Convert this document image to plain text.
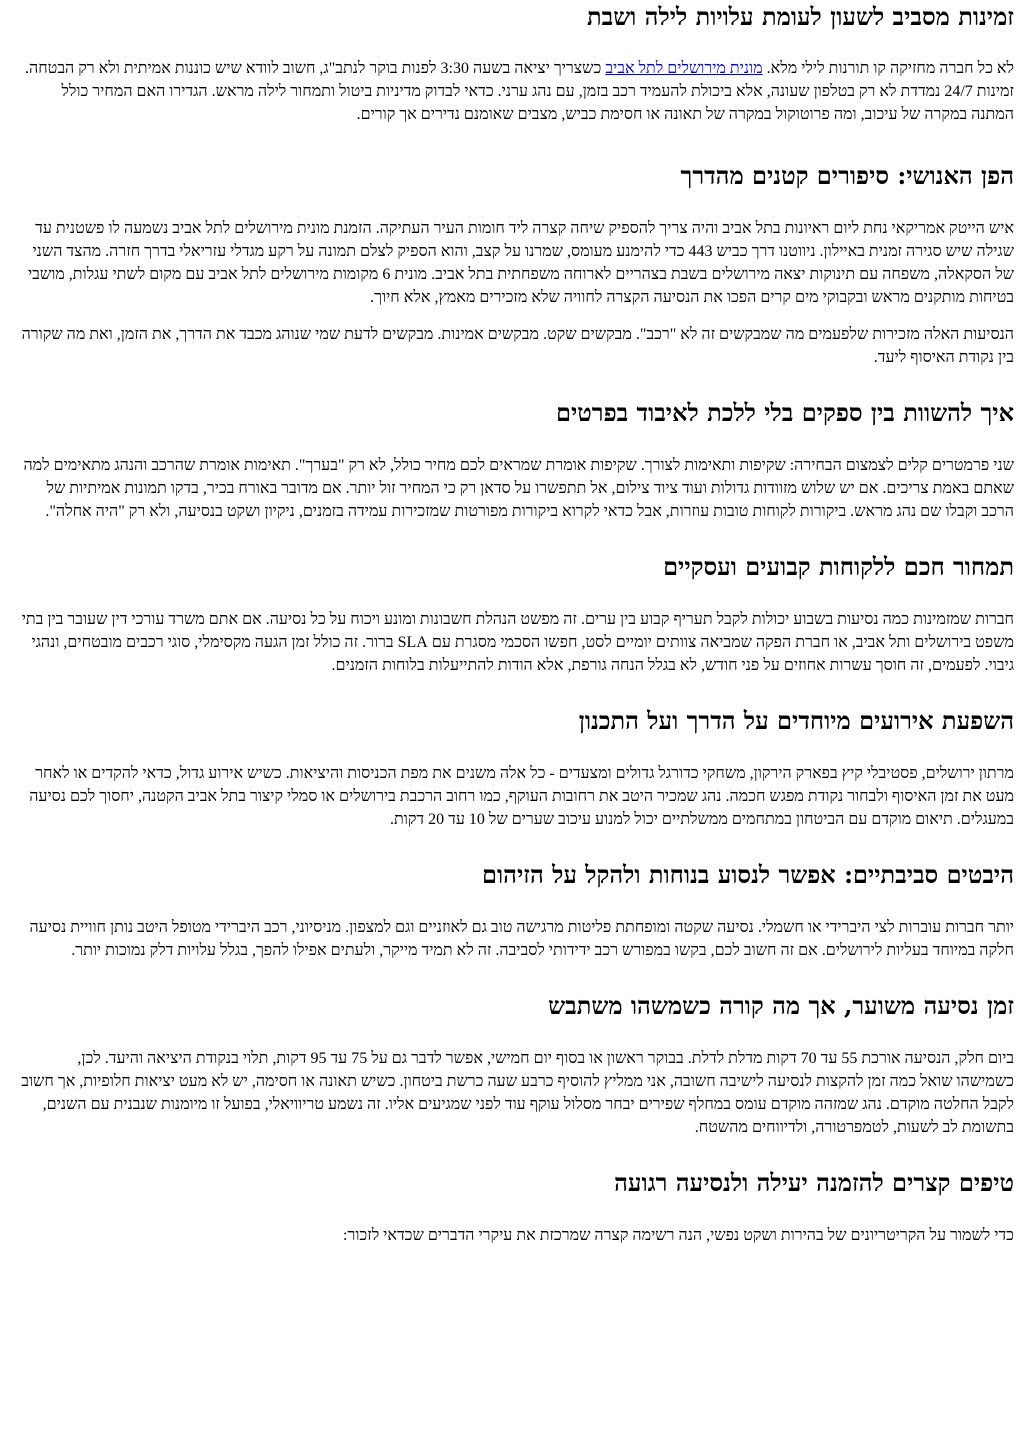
זמינות מסביב לשעון לעומת עלויות לילה ושבת

לא כל חברה מחזיקה קו תורנות לילי מלא. מונית מירושלים לתל אביב כשצריך יציאה בשעה 3:30 לפנות בוקר לנתב"ג, חשוב לוודא שיש כוננות אמיתית ולא רק הבטחה. זמינות 24/7 נמדדת לא רק בטלפון שעונה, אלא ביכולת להעמיד רכב בזמן, עם נהג ערני. כדאי לבדוק מדיניות ביטול ותמחור לילה מראש. הגדירו האם המחיר כולל המתנה במקרה של עיכוב, ומה פרוטוקול במקרה של תאונה או חסימת כביש, מצבים שאומנם נדירים אך קורים.

הפן האנושי: סיפורים קטנים מהדרך

איש הייטק אמריקאי נחת ליום ראיונות בתל אביב והיה צריך להספיק שיחה קצרה ליד חומות העיר העתיקה. הזמנת מונית מירושלים לתל אביב נשמעה לו פשטנית עד שגילה שיש סגירה זמנית באיילון. ניווטנו דרך כביש 443 כדי להימנע מעומס, שמרנו על קצב, והוא הספיק לצלם תמונה על רקע מגדלי עזריאלי בדרך חזרה. מהצד השני של הסקאלה, משפחה עם תינוקות יצאה מירושלים בשבת בצהריים לארוחה משפחתית בתל אביב. מונית 6 מקומות מירושלים לתל אביב עם מקום לשתי עגלות, מושבי בטיחות מותקנים מראש ובקבוקי מים קרים הפכו את הנסיעה הקצרה לחוויה שלא מזכירים מאמץ, אלא חיוך.

הנסיעות האלה מזכירות שלפעמים מה שמבקשים זה לא "רכב". מבקשים שקט. מבקשים אמינות. מבקשים לדעת שמי שנוהג מכבד את הדרך, את הזמן, ואת מה שקורה בין נקודת האיסוף ליעד.

איך להשוות בין ספקים בלי ללכת לאיבוד בפרטים

שני פרמטרים קלים לצמצום הבחירה: שקיפות ותאימות לצורך. שקיפות אומרת שמראים לכם מחיר כולל, לא רק "בערך". תאימות אומרת שהרכב והנהג מתאימים למה שאתם באמת צריכים. אם יש שלוש מזוודות גדולות ועוד ציוד צילום, אל תתפשרו על סדאן רק כי המחיר זול יותר. אם מדובר באורח בכיר, בדקו תמונות אמיתיות של הרכב וקבלו שם נהג מראש. ביקורות לקוחות טובות עוזרות, אבל כדאי לקרוא ביקורות מפורטות שמזכירות עמידה בזמנים, ניקיון ושקט בנסיעה, ולא רק "היה אחלה".

תמחור חכם ללקוחות קבועים ועסקיים

חברות שמזמינות כמה נסיעות בשבוע יכולות לקבל תעריף קבוע בין ערים. זה מפשט הנהלת חשבונות ומונע ויכוח על כל נסיעה. אם אתם משרד עורכי דין שעובר בין בתי משפט בירושלים ותל אביב, או חברת הפקה שמביאה צוותים יומיים לסט, חפשו הסכמי מסגרת עם SLA ברור. זה כולל זמן הגעה מקסימלי, סוגי רכבים מובטחים, ונהגי גיבוי. לפעמים, זה חוסך עשרות אחוזים על פני חודש, לא בגלל הנחה גורפת, אלא הודות להתייעלות בלוחות הזמנים.

השפעת אירועים מיוחדים על הדרך ועל התכנון

מרתון ירושלים, פסטיבלי קיץ בפארק הירקון, משחקי כדורגל גדולים ומצעדים - כל אלה משנים את מפת הכניסות והיציאות. כשיש אירוע גדול, כדאי להקדים או לאחר מעט את זמן האיסוף ולבחור נקודת מפגש חכמה. נהג שמכיר היטב את רחובות העוקף, כמו רחוב הרכבת בירושלים או סמלי קיצור בתל אביב הקטנה, יחסוך לכם נסיעה במעגלים. תיאום מוקדם עם הביטחון במתחמים ממשלתיים יכול למנוע עיכוב שערים של 10 עד 20 דקות.

היבטים סביבתיים: אפשר לנסוע בנוחות ולהקל על הזיהום

יותר חברות עוברות לצי היברידי או חשמלי. נסיעה שקטה ומופחתת פליטות מרגישה טוב גם לאוזניים וגם למצפון. מניסיוני, רכב היברידי מטופל היטב נותן חוויית נסיעה חלקה במיוחד בעליות לירושלים. אם זה חשוב לכם, בקשו במפורש רכב ידידותי לסביבה. זה לא תמיד מייקר, ולעתים אפילו להפך, בגלל עלויות דלק נמוכות יותר.

זמן נסיעה משוער, אך מה קורה כשמשהו משתבש

ביום חלק, הנסיעה אורכת 55 עד 70 דקות מדלת לדלת. בבוקר ראשון או בסוף יום חמישי, אפשר לדבר גם על 75 עד 95 דקות, תלוי בנקודת היציאה והיעד. לכן, כשמישהו שואל כמה זמן להקצות לנסיעה לישיבה חשובה, אני ממליץ להוסיף כרבע שעה כרשת ביטחון. כשיש תאונה או חסימה, יש לא מעט יציאות חלופיות, אך חשוב לקבל החלטה מוקדם. נהג שמזהה מוקדם עומס במחלף שפירים יבחר מסלול עוקף עוד לפני שמגיעים אליו. זה נשמע טריוויאלי, בפועל זו מיומנות שנבנית עם השנים, בתשומת לב לשעות, לטמפרטורה, ולדיווחים מהשטח.

טיפים קצרים להזמנה יעילה ולנסיעה רגועה

כדי לשמור על הקריטריונים של בהירות ושקט נפשי, הנה רשימה קצרה שמרכזת את עיקרי הדברים שכדאי לזכור:
